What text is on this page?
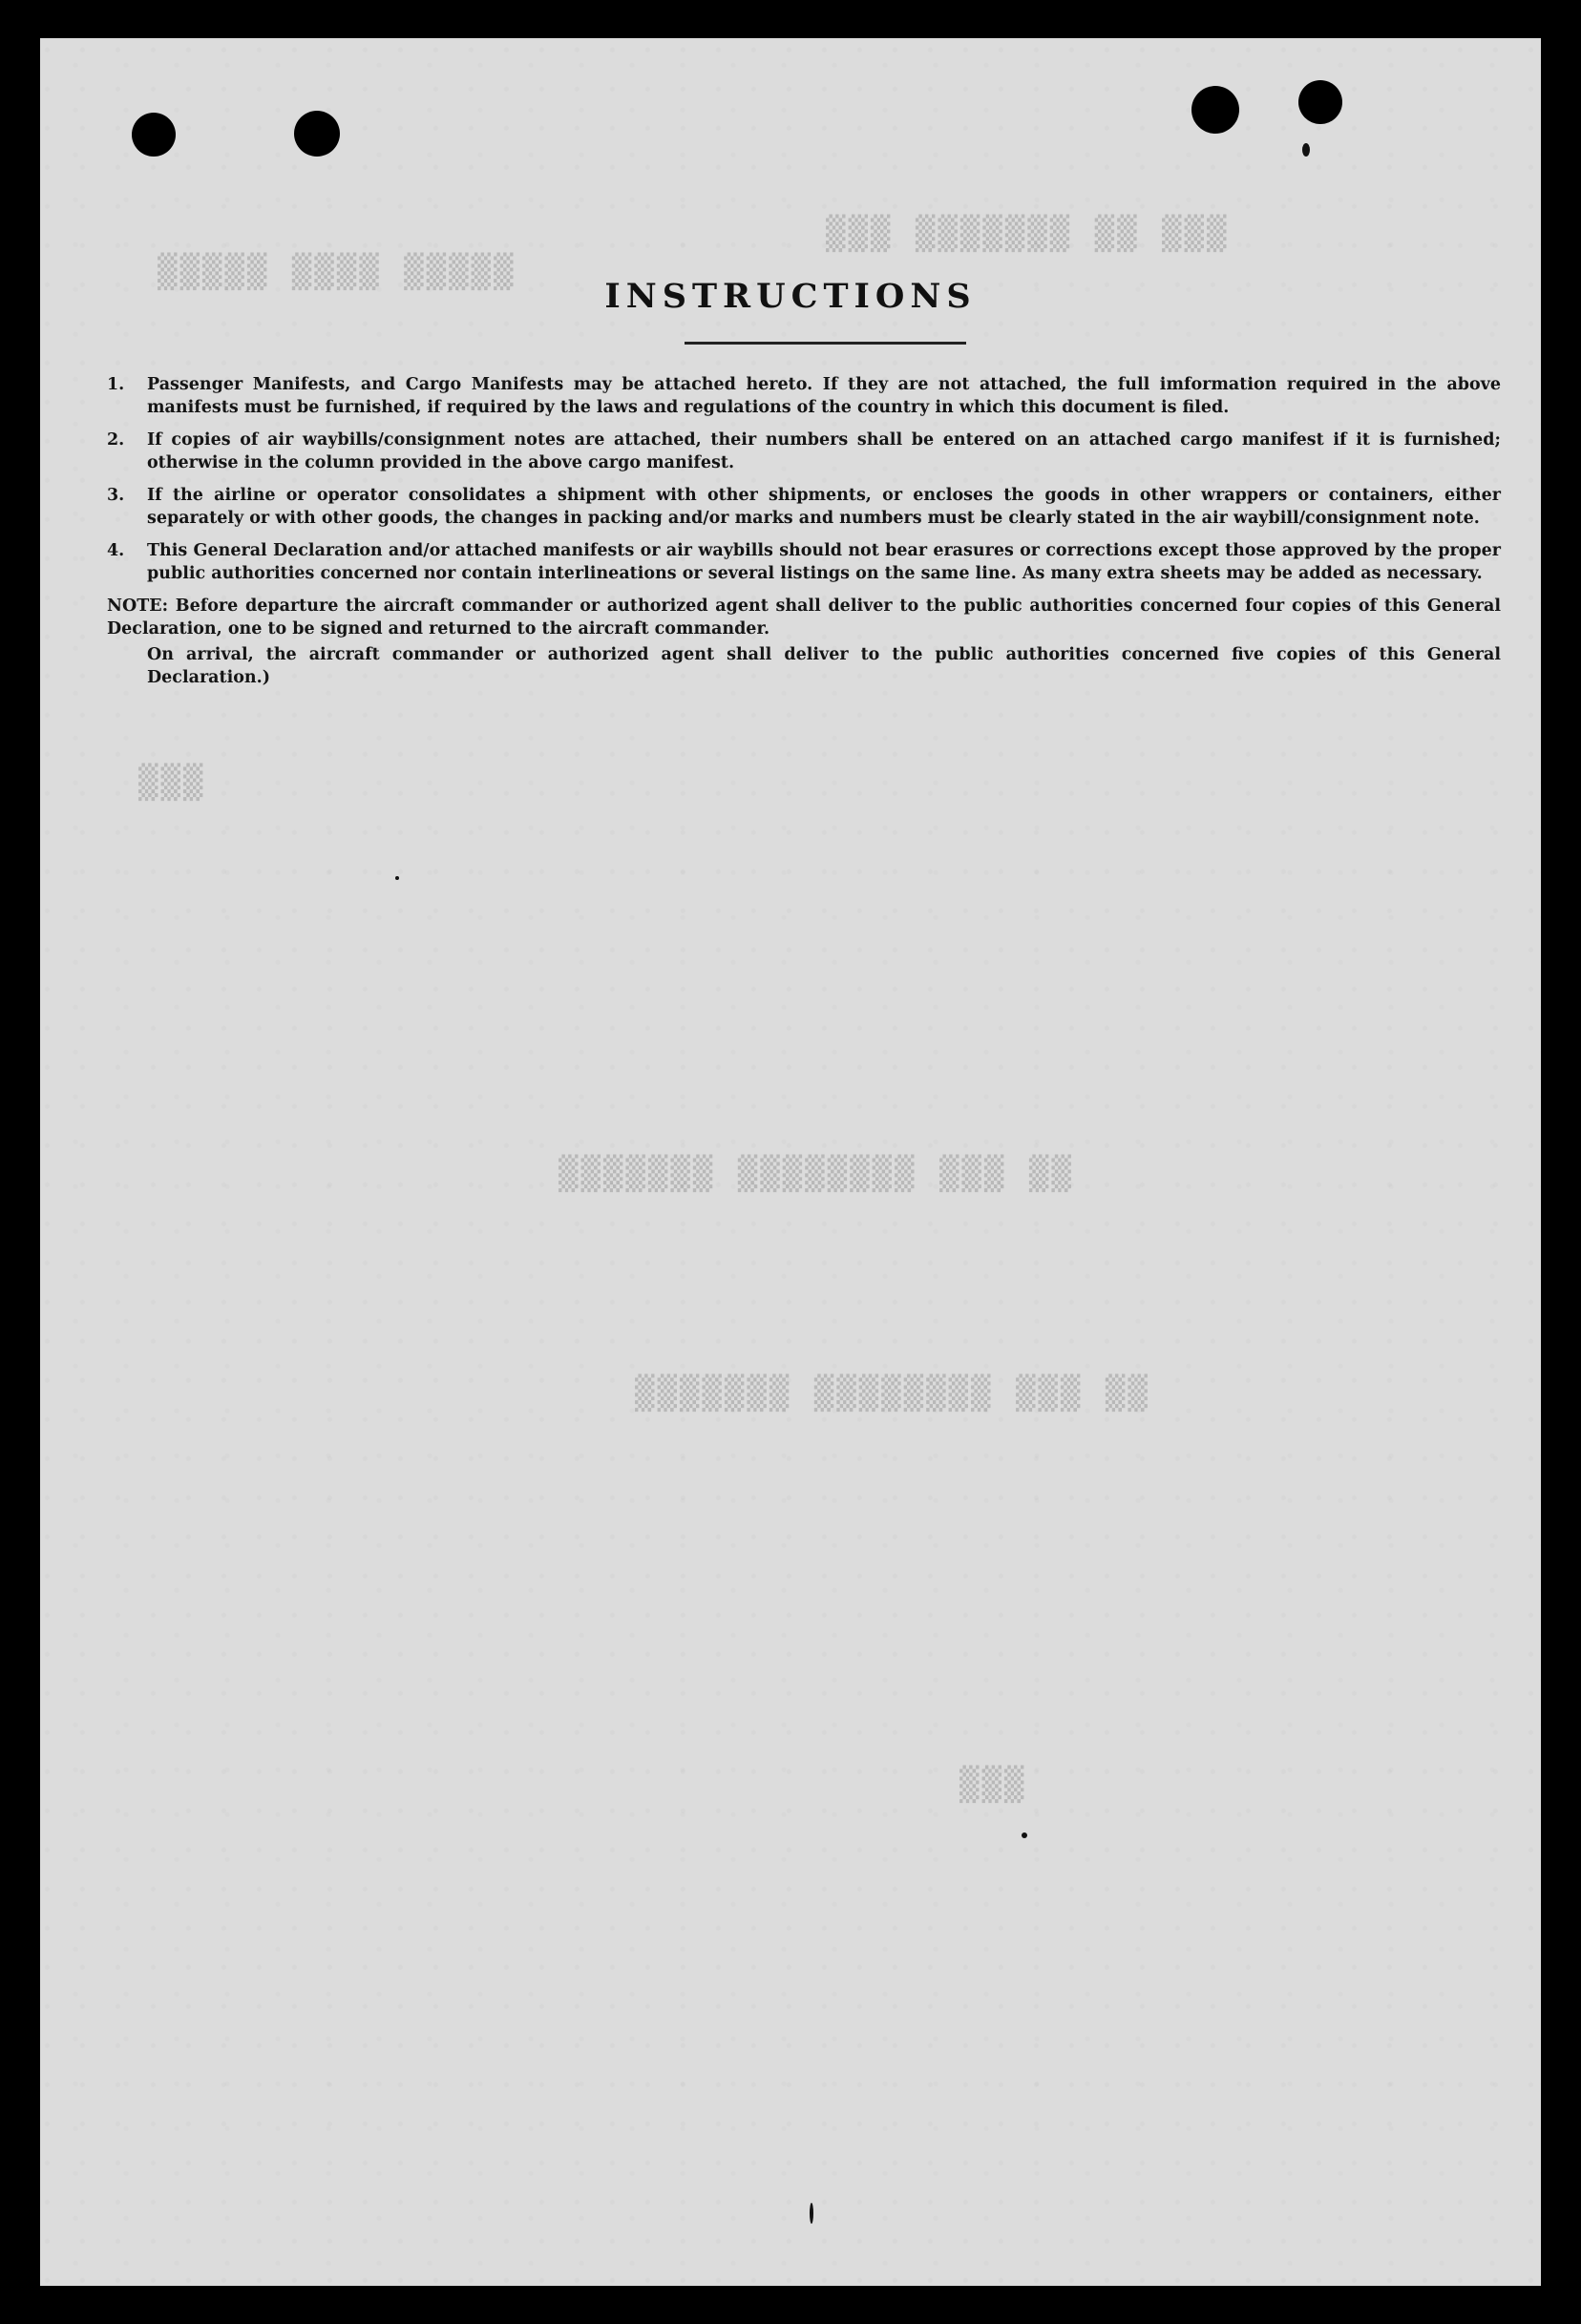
▒▒▒ ▒▒ ▒▒▒▒▒▒▒ ▒▒▒
▒▒▒▒▒ ▒▒▒▒ ▒▒▒▒▒
▒▒ ▒▒▒ ▒▒▒▒▒▒▒▒ ▒▒▒▒▒▒▒
▒▒ ▒▒▒ ▒▒▒▒▒▒▒▒ ▒▒▒▒▒▒▒
▒▒▒
▒▒▒
INSTRUCTIONS
1.	Passenger Manifests, and Cargo Manifests may be attached hereto. If they are not attached, the full imformation required in the above manifests must be furnished, if required by the laws and regulations of the country in which this document is filed.
2.	If copies of air waybills/consignment notes are attached, their numbers shall be entered on an attached cargo manifest if it is furnished; otherwise in the column provided in the above cargo manifest.
3.	If the airline or operator consolidates a shipment with other shipments, or encloses the goods in other wrappers or containers, either separately or with other goods, the changes in packing and/or marks and numbers must be clearly stated in the air waybill/consignment note.
4.	This General Declaration and/or attached manifests or air waybills should not bear erasures or corrections except those approved by the proper public authorities concerned nor contain interlineations or several listings on the same line. As many extra sheets may be added as necessary.
NOTE: Before departure the aircraft commander or authorized agent shall deliver to the public authorities concerned four copies of this General Declaration, one to be signed and returned to the aircraft commander.
On arrival, the aircraft commander or authorized agent shall deliver to the public authorities concerned five copies of this General Declaration.)
